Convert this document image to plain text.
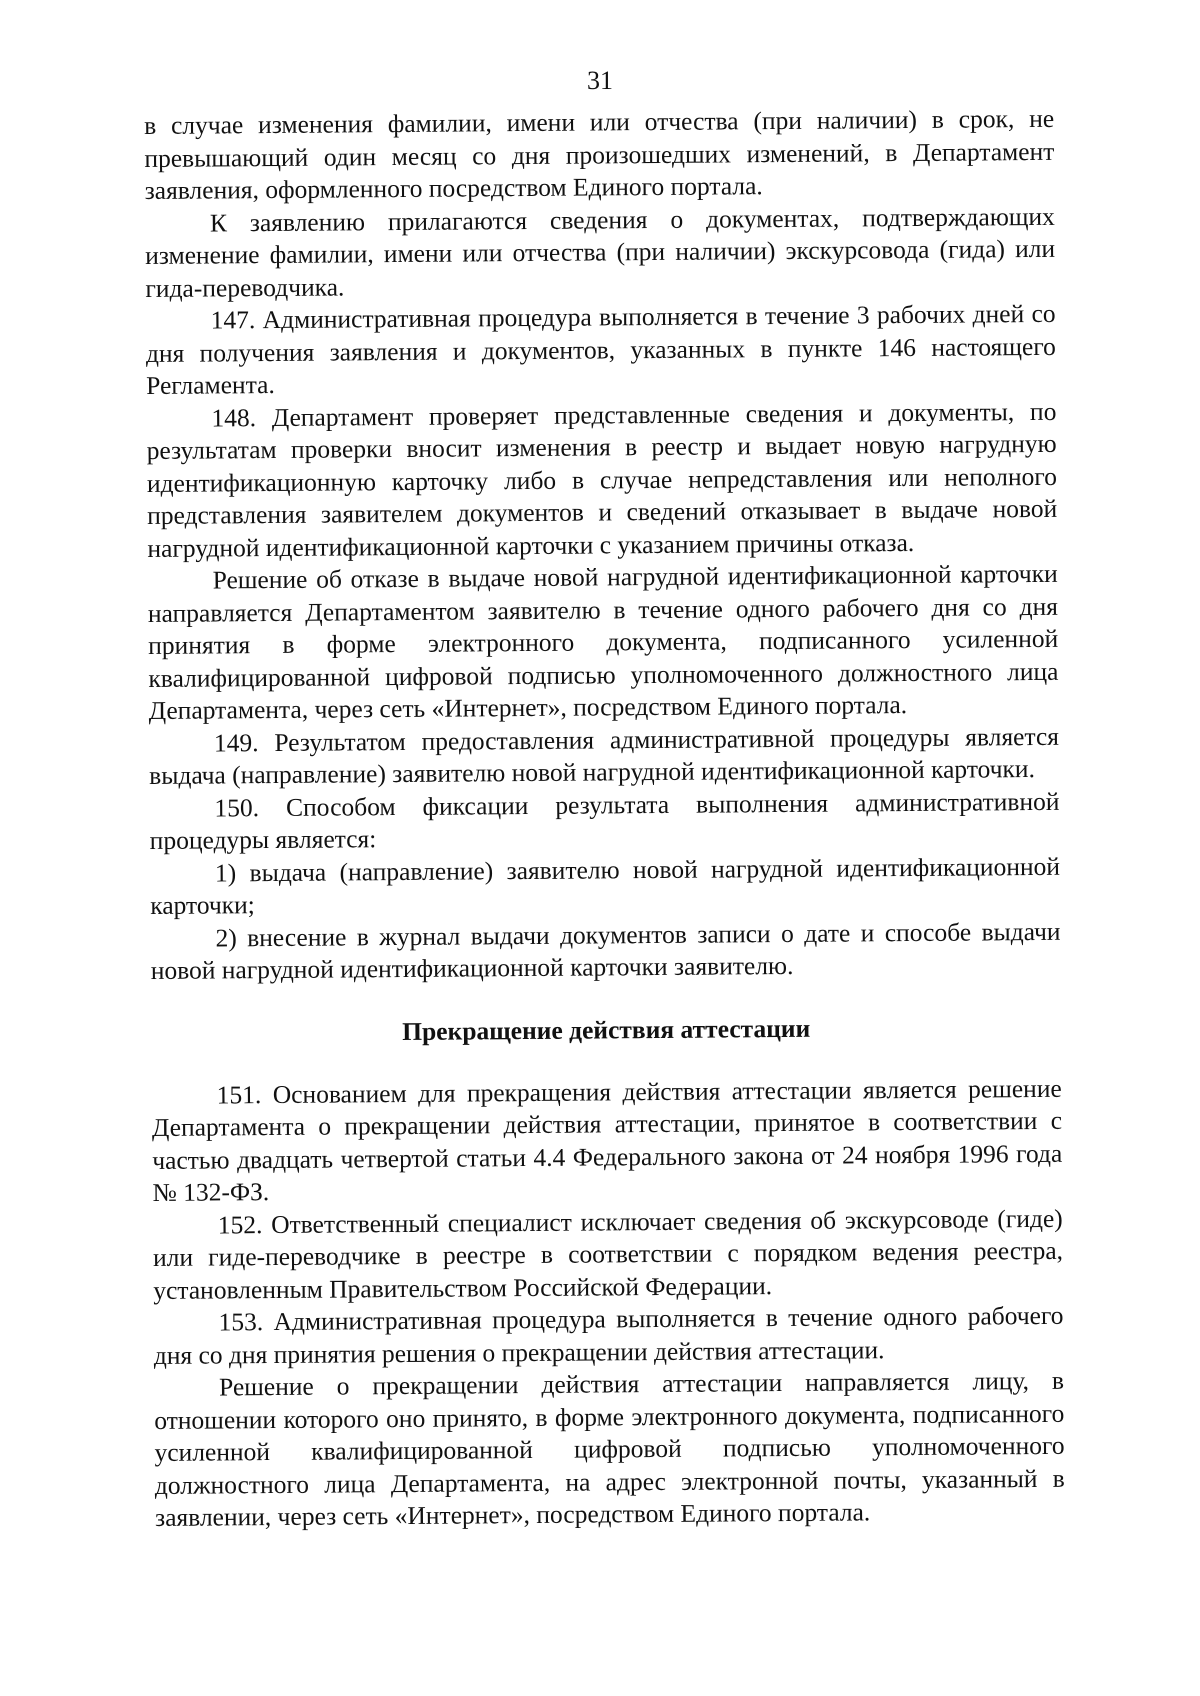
31

в случае изменения фамилии, имени или отчества (при наличии) в срок, не превышающий один месяц со дня произошедших изменений, в Департамент заявления, оформленного посредством Единого портала.

К заявлению прилагаются сведения о документах, подтверждающих изменение фамилии, имени или отчества (при наличии) экскурсовода (гида) или гида-переводчика.

147. Административная процедура выполняется в течение 3 рабочих дней со дня получения заявления и документов, указанных в пункте 146 настоящего Регламента.

148. Департамент проверяет представленные сведения и документы, по результатам проверки вносит изменения в реестр и выдает новую нагрудную идентификационную карточку либо в случае непредставления или неполного представления заявителем документов и сведений отказывает в выдаче новой нагрудной идентификационной карточки с указанием причины отказа.

Решение об отказе в выдаче новой нагрудной идентификационной карточки направляется Департаментом заявителю в течение одного рабочего дня со дня принятия в форме электронного документа, подписанного усиленной квалифицированной цифровой подписью уполномоченного должностного лица Департамента, через сеть «Интернет», посредством Единого портала.

149. Результатом предоставления административной процедуры является выдача (направление) заявителю новой нагрудной идентификационной карточки.

150. Способом фиксации результата выполнения административной процедуры является:

1) выдача (направление) заявителю новой нагрудной идентификационной карточки;

2) внесение в журнал выдачи документов записи о дате и способе выдачи новой нагрудной идентификационной карточки заявителю.

Прекращение действия аттестации

151. Основанием для прекращения действия аттестации является решение Департамента о прекращении действия аттестации, принятое в соответствии с частью двадцать четвертой статьи 4.4 Федерального закона от 24 ноября 1996 года № 132-ФЗ.

152. Ответственный специалист исключает сведения об экскурсоводе (гиде) или гиде-переводчике в реестре в соответствии с порядком ведения реестра, установленным Правительством Российской Федерации.

153. Административная процедура выполняется в течение одного рабочего дня со дня принятия решения о прекращении действия аттестации.

Решение о прекращении действия аттестации направляется лицу, в отношении которого оно принято, в форме электронного документа, подписанного усиленной квалифицированной цифровой подписью уполномоченного должностного лица Департамента, на адрес электронной почты, указанный в заявлении, через сеть «Интернет», посредством Единого портала.
